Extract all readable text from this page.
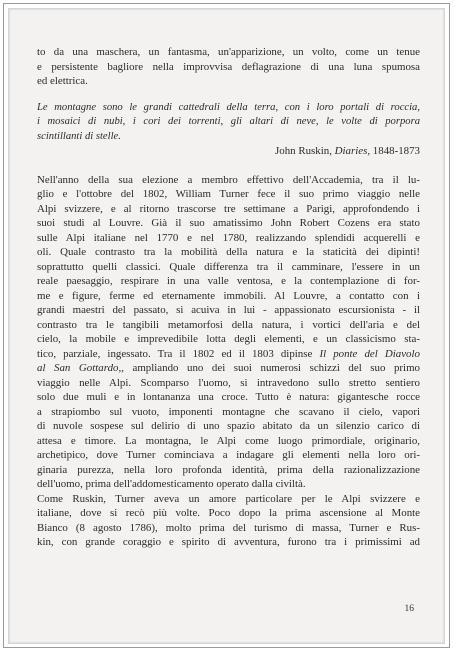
to da una maschera, un fantasma, un'apparizione, un volto, come un tenue
e persistente bagliore nella improvvisa deflagrazione di una luna spumosa
ed elettrica.
Le montagne sono le grandi cattedrali della terra, con i loro portali di roccia,
i mosaici di nubi, i cori dei torrenti, gli altari di neve, le volte di porpora
scintillanti di stelle.
John Ruskin, Diaries, 1848-1873
Nell'anno della sua elezione a membro effettivo dell'Accademia, tra il lu-
glio e l'ottobre del 1802, William Turner fece il suo primo viaggio nelle
Alpi svizzere, e al ritorno trascorse tre settimane a Parigi, approfondendo i
suoi studi al Louvre. Già il suo amatissimo John Robert Cozens era stato
sulle Alpi italiane nel 1770 e nel 1780, realizzando splendidi acquerelli e
oli. Quale contrasto tra la mobilità della natura e la staticità dei dipinti!
soprattutto quelli classici. Quale differenza tra il camminare, l'essere in un
reale paesaggio, respirare in una valle ventosa, e la contemplazione di for-
me e figure, ferme ed eternamente immobili. Al Louvre, a contatto con i
grandi maestri del passato, si acuiva in lui - appassionato escursionista - il
contrasto tra le tangibili metamorfosi della natura, i vortici dell'aria e del
cielo, la mobile e imprevedibile lotta degli elementi, e un classicismo sta-
tico, parziale, ingessato. Tra il 1802 ed il 1803 dipinse Il ponte del Diavolo
al San Gottardo,, ampliando uno dei suoi numerosi schizzi del suo primo
viaggio nelle Alpi. Scomparso l'uomo, si intravedono sullo stretto sentiero
solo due muli e in lontananza una croce. Tutto è natura: gigantesche rocce
a strapiombo sul vuoto, imponenti montagne che scavano il cielo, vapori
di nuvole sospese sul delirio di uno spazio abitato da un silenzio carico di
attesa e timore. La montagna, le Alpi come luogo primordiale, originario,
archetipico, dove Turner cominciava a indagare gli elementi nella loro ori-
ginaria purezza, nella loro profonda identità, prima della razionalizzazione
dell'uomo, prima dell'addomesticamento operato dalla civiltà.
Come Ruskin, Turner aveva un amore particolare per le Alpi svizzere e
italiane, dove si recò più volte. Poco dopo la prima ascensione al Monte
Bianco (8 agosto 1786), molto prima del turismo di massa, Turner e Rus-
kin, con grande coraggio e spirito di avventura, furono tra i primissimi ad
16
